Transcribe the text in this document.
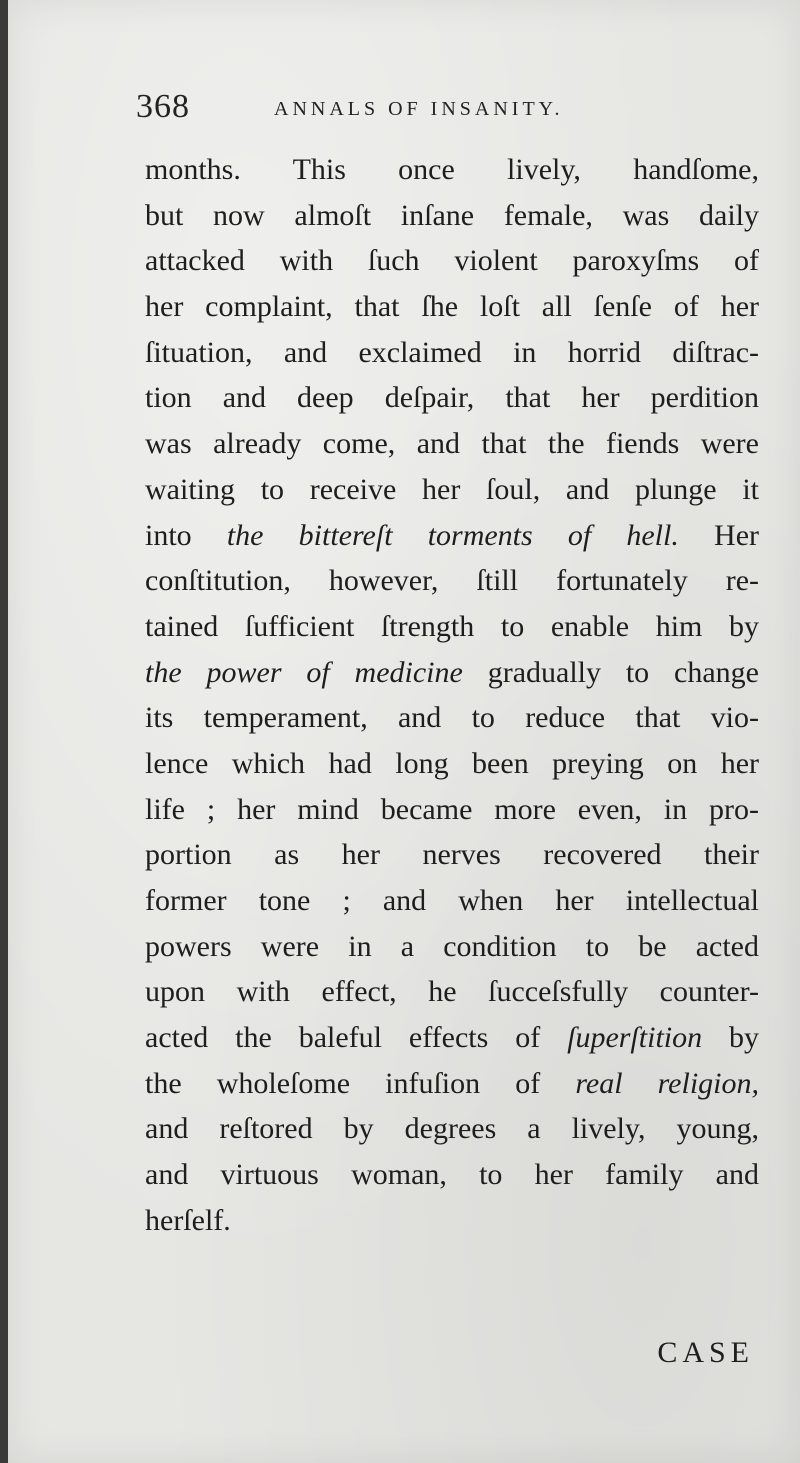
368	ANNALS OF INSANITY.
months. This once lively, handſome,
but now almoſt inſane female, was daily
attacked with ſuch violent paroxyſms of
her complaint, that ſhe loſt all ſenſe of her
ſituation, and exclaimed in horrid diſtrac-
tion and deep deſpair, that her perdition
was already come, and that the fiends were
waiting to receive her ſoul, and plunge it
into the bittereſt torments of hell. Her
conſtitution, however, ſtill fortunately re-
tained ſufficient ſtrength to enable him by
the power of medicine gradually to change
its temperament, and to reduce that vio-
lence which had long been preying on her
life ; her mind became more even, in pro-
portion as her nerves recovered their
former tone ; and when her intellectual
powers were in a condition to be acted
upon with effect, he ſucceſsfully counter-
acted the baleful effects of ſuperſtition by
the wholeſome infuſion of real religion,
and reſtored by degrees a lively, young,
and virtuous woman, to her family and
herſelf.
CASE
